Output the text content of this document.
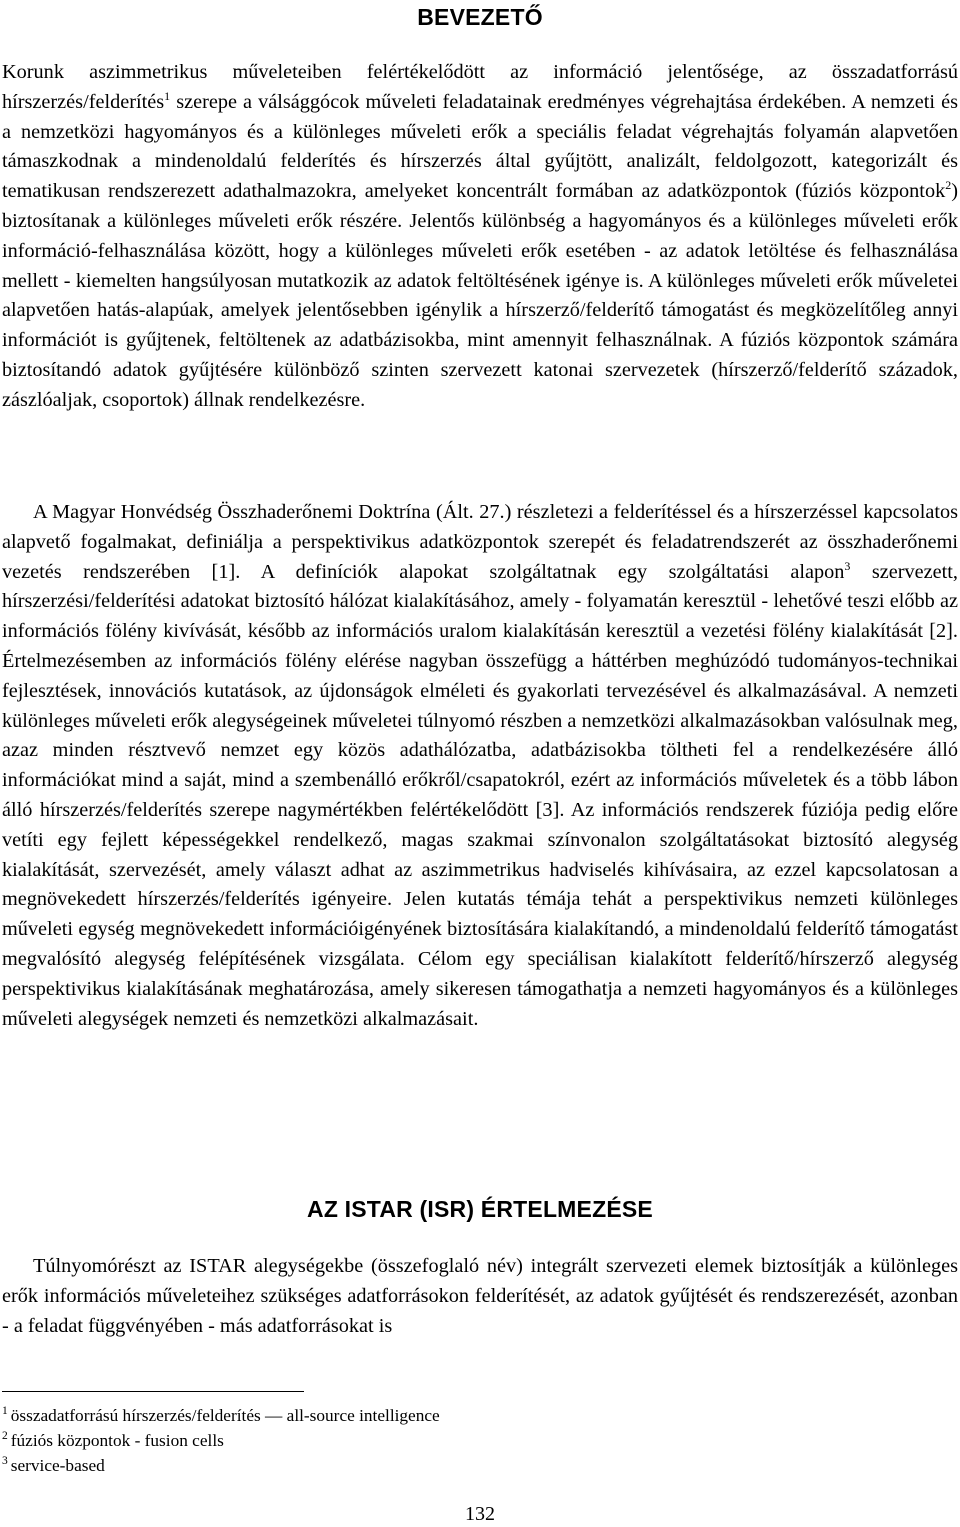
BEVEZETŐ

Korunk aszimmetrikus műveleteiben felértékelődött az információ jelentősége, az összadatforrású hírszerzés/felderítés$^1$ szerepe a válsággócok műveleti feladatainak eredményes végrehajtása érdekében. A nemzeti és a nemzetközi hagyományos és a különleges műveleti erők a speciális feladat végrehajtás folyamán alapvetően támaszkodnak a mindenoldalú felderítés és hírszerzés által gyűjtött, analizált, feldolgozott, kategorizált és tematikusan rendszerezett adathalmazokra, amelyeket koncentrált formában az adatközpontok (fúziós központok$^2$) biztosítanak a különleges műveleti erők részére. Jelentős különbség a hagyományos és a különleges műveleti erők információ-felhasználása között, hogy a különleges műveleti erők esetében - az adatok letöltése és felhasználása mellett - kiemelten hangsúlyosan mutatkozik az adatok feltöltésének igénye is. A különleges műveleti erők műveletei alapvetően hatás-alapúak, amelyek jelentősebben igénylik a hírszerző/felderítő támogatást és megközelítőleg annyi információt is gyűjtenek, feltöltenek az adatbázisokba, mint amennyit felhasználnak. A fúziós központok számára biztosítandó adatok gyűjtésére különböző szinten szervezett katonai szervezetek (hírszerző/felderítő századok, zászlóaljak, csoportok) állnak rendelkezésre.

A Magyar Honvédség Összhaderőnemi Doktrína (Ált. 27.) részletezi a felderítéssel és a hírszerzéssel kapcsolatos alapvető fogalmakat, definiálja a perspektivikus adatközpontok szerepét és feladatrendszerét az összhaderőnemi vezetés rendszerében [1]. A definíciók alapokat szolgáltatnak egy szolgáltatási alapon$^3$ szervezett, hírszerzési/felderítési adatokat biztosító hálózat kialakításához, amely - folyamatán keresztül - lehetővé teszi előbb az információs fölény kivívását, később az információs uralom kialakításán keresztül a vezetési fölény kialakítását [2]. Értelmezésemben az információs fölény elérése nagyban összefügg a háttérben meghúzódó tudományos-technikai fejlesztések, innovációs kutatások, az újdonságok elméleti és gyakorlati tervezésével és alkalmazásával. A nemzeti különleges műveleti erők alegységeinek műveletei túlnyomó részben a nemzetközi alkalmazásokban valósulnak meg, azaz minden résztvevő nemzet egy közös adathálózatba, adatbázisokba töltheti fel a rendelkezésére álló információkat mind a saját, mind a szembenálló erőkről/csapatokról, ezért az információs műveletek és a több lábon álló hírszerzés/felderítés szerepe nagymértékben felértékelődött [3]. Az információs rendszerek fúziója pedig előre vetíti egy fejlett képességekkel rendelkező, magas szakmai színvonalon szolgáltatásokat biztosító alegység kialakítását, szervezését, amely választ adhat az aszimmetrikus hadviselés kihívásaira, az ezzel kapcsolatosan a megnövekedett hírszerzés/felderítés igényeire. Jelen kutatás témája tehát a perspektivikus nemzeti különleges műveleti egység megnövekedett információigényének biztosítására kialakítandó, a mindenoldalú felderítő támogatást megvalósító alegység felépítésének vizsgálata. Célom egy speciálisan kialakított felderítő/hírszerző alegység perspektivikus kialakításának meghatározása, amely sikeresen támogathatja a nemzeti hagyományos és a különleges műveleti alegységek nemzeti és nemzetközi alkalmazásait.

AZ ISTAR (ISR) ÉRTELMEZÉSE

Túlnyomórészt az ISTAR alegységekbe (összefoglaló név) integrált szervezeti elemek biztosítják a különleges erők információs műveleteihez szükséges adatforrásokon felderítését, az adatok gyűjtését és rendszerezését, azonban - a feladat függvényében - más adatforrásokat is

$^1$ összadatforrású hírszerzés/felderítés — all-source intelligence
$^2$ fúziós központok - fusion cells
$^3$ service-based
132
